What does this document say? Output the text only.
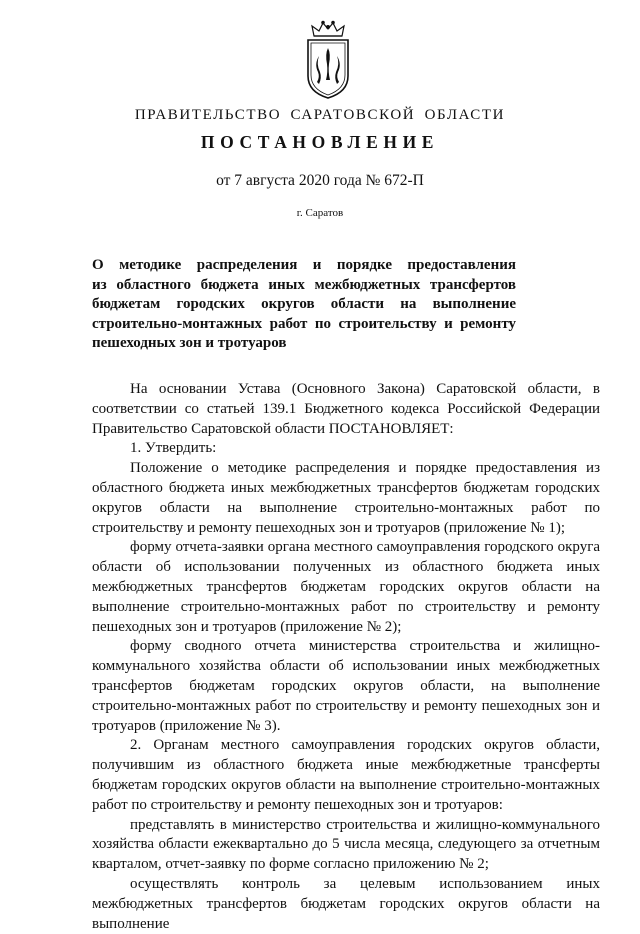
ПРАВИТЕЛЬСТВО САРАТОВСКОЙ ОБЛАСТИ
ПОСТАНОВЛЕНИЕ
от 7 августа 2020 года № 672-П
г. Саратов
О методике распределения и порядке предоставления
из областного бюджета иных межбюджетных трансфертов
бюджетам городских округов области на выполнение
строительно-монтажных работ по строительству и ремонту
пешеходных зон и тротуаров

На основании Устава (Основного Закона) Саратовской области, в соответствии со статьей 139.1 Бюджетного кодекса Российской Федерации Правительство Саратовской области ПОСТАНОВЛЯЕТ:

1. Утвердить:

Положение о методике распределения и порядке предоставления из областного бюджета иных межбюджетных трансфертов бюджетам городских округов области на выполнение строительно-монтажных работ по строительству и ремонту пешеходных зон и тротуаров (приложение № 1);

форму отчета-заявки органа местного самоуправления городского округа области об использовании полученных из областного бюджета иных межбюджетных трансфертов бюджетам городских округов области на выполнение строительно-монтажных работ по строительству и ремонту пешеходных зон и тротуаров (приложение № 2);

форму сводного отчета министерства строительства и жилищно-коммунального хозяйства области об использовании иных межбюджетных трансфертов бюджетам городских округов области, на выполнение строительно-монтажных работ по строительству и ремонту пешеходных зон и тротуаров (приложение № 3).

2. Органам местного самоуправления городских округов области, получившим из областного бюджета иные межбюджетные трансферты бюджетам городских округов области на выполнение строительно-монтажных работ по строительству и ремонту пешеходных зон и тротуаров:

представлять в министерство строительства и жилищно-коммунального хозяйства области ежеквартально до 5 числа месяца, следующего за отчетным кварталом, отчет-заявку по форме согласно приложению № 2;

осуществлять контроль за целевым использованием иных межбюджетных трансфертов бюджетам городских округов области на выполнение
